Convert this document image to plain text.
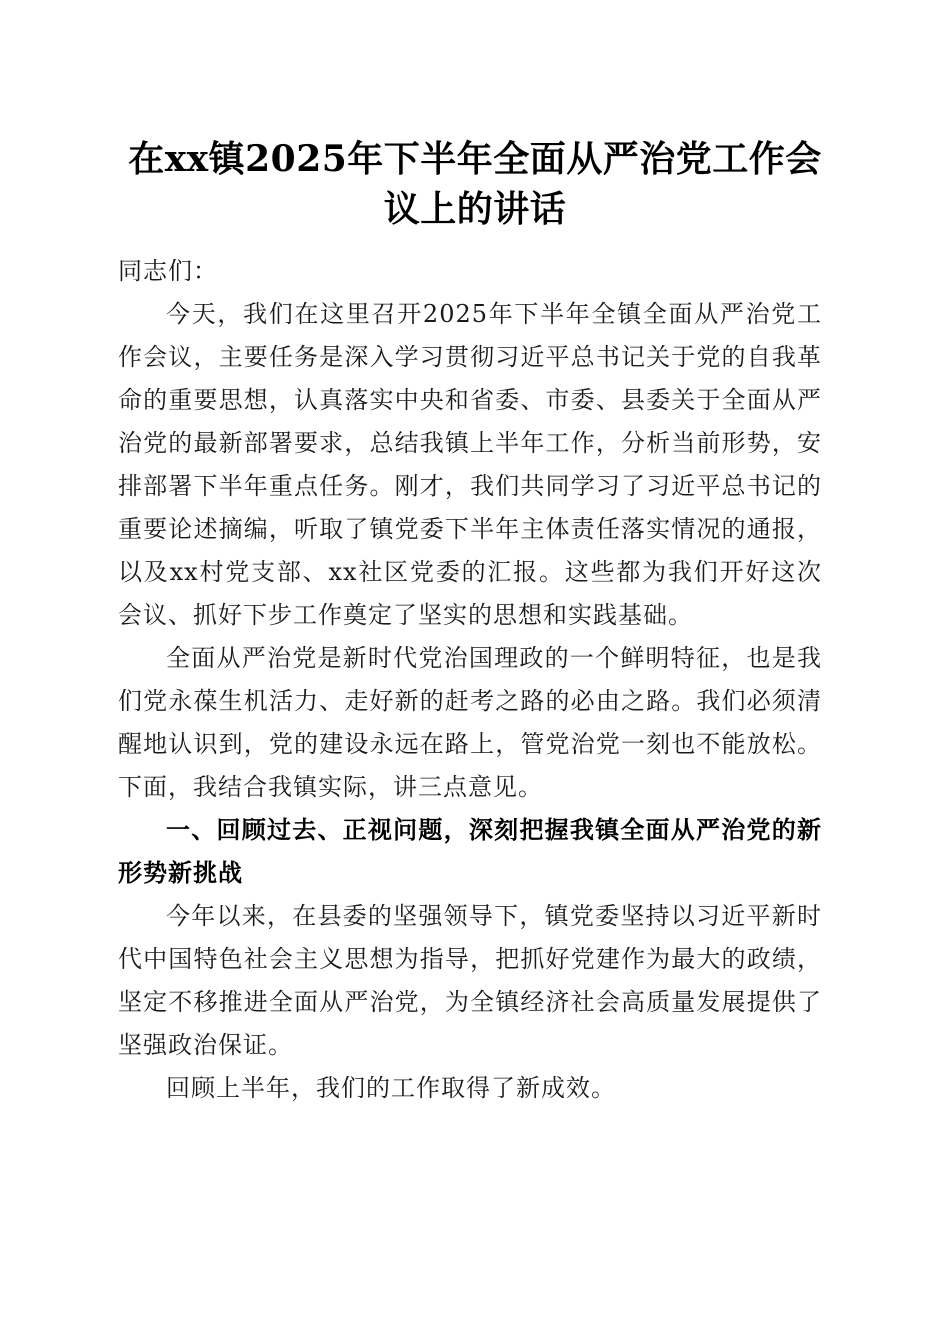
在xx镇2025年下半年全面从严治党工作会议上的讲话

同志们：

今天，我们在这里召开2025年下半年全镇全面从严治党工作会议，主要任务是深入学习贯彻习近平总书记关于党的自我革命的重要思想，认真落实中央和省委、市委、县委关于全面从严治党的最新部署要求，总结我镇上半年工作，分析当前形势，安排部署下半年重点任务。刚才，我们共同学习了习近平总书记的重要论述摘编，听取了镇党委下半年主体责任落实情况的通报，以及xx村党支部、xx社区党委的汇报。这些都为我们开好这次会议、抓好下步工作奠定了坚实的思想和实践基础。

全面从严治党是新时代党治国理政的一个鲜明特征，也是我们党永葆生机活力、走好新的赶考之路的必由之路。我们必须清醒地认识到，党的建设永远在路上，管党治党一刻也不能放松。下面，我结合我镇实际，讲三点意见。

一、回顾过去、正视问题，深刻把握我镇全面从严治党的新形势新挑战

今年以来，在县委的坚强领导下，镇党委坚持以习近平新时代中国特色社会主义思想为指导，把抓好党建作为最大的政绩，坚定不移推进全面从严治党，为全镇经济社会高质量发展提供了坚强政治保证。

回顾上半年，我们的工作取得了新成效。
